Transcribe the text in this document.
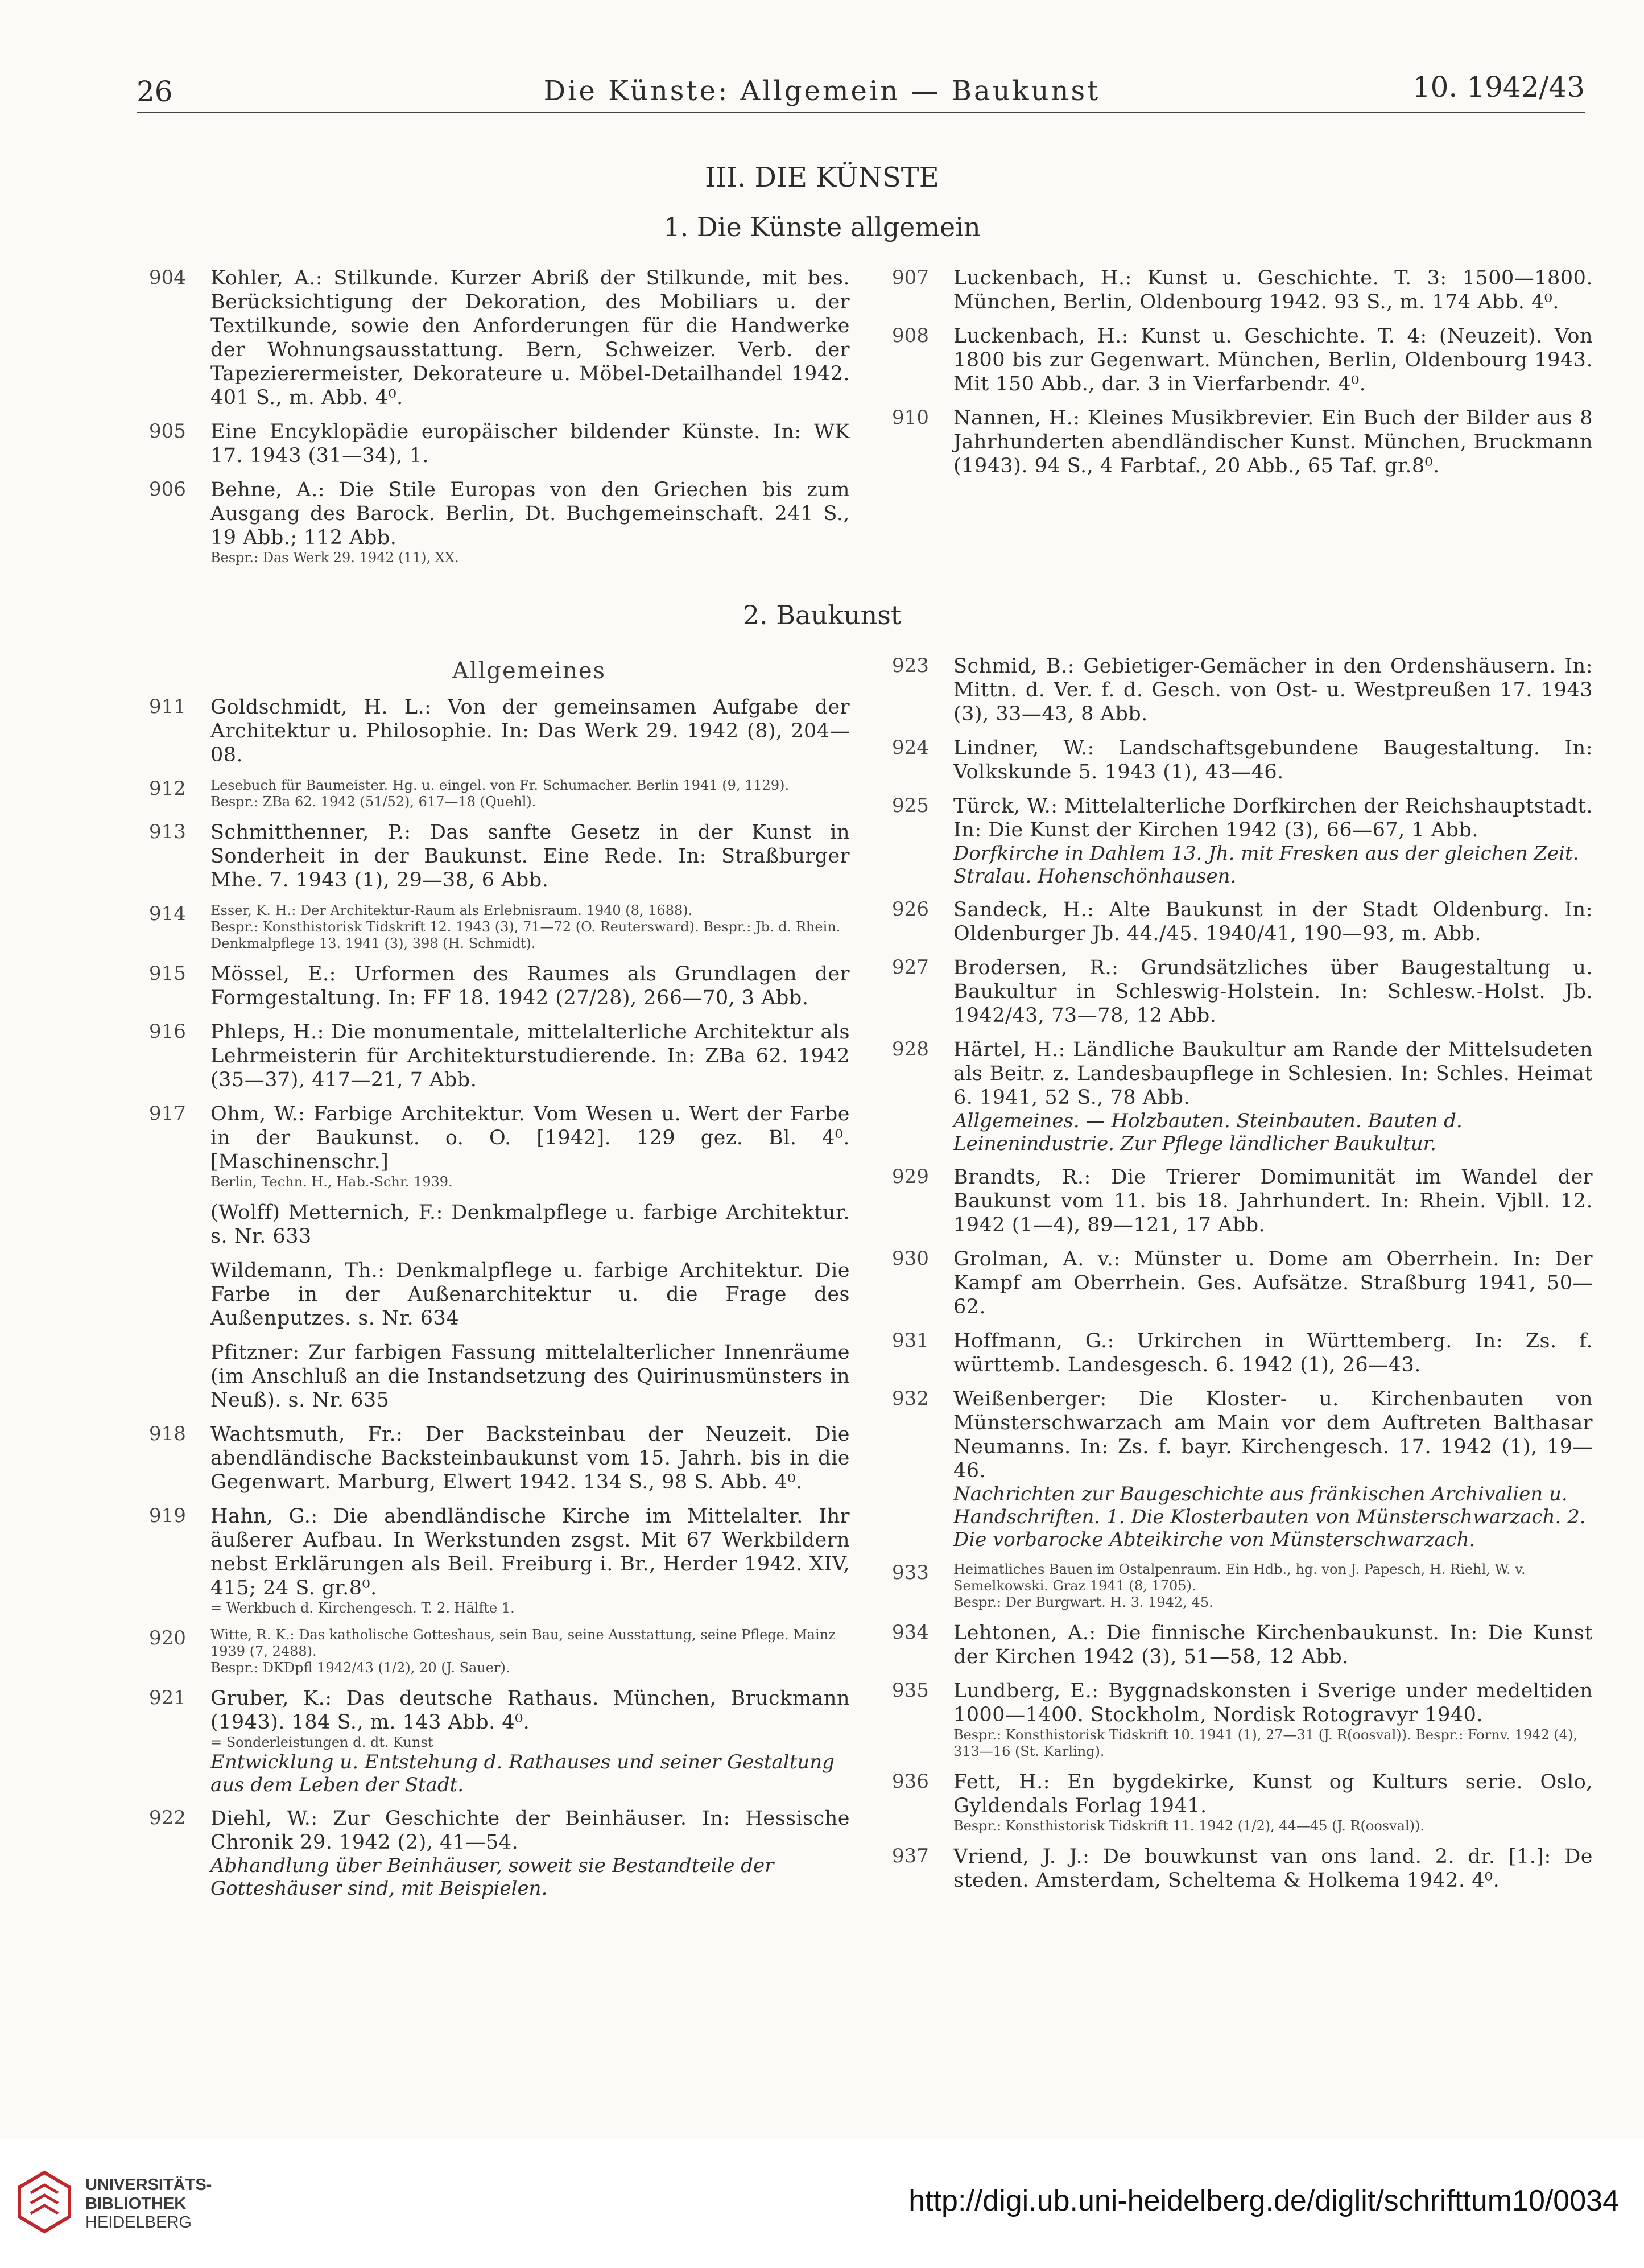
26	Die Künste: Allgemein — Baukunst	10. 1942/43
III. DIE KÜNSTE
1. Die Künste allgemein
904 Kohler, A.: Stilkunde. Kurzer Abriß der Stilkunde, mit bes. Berücksichtigung der Dekoration, des Mobiliars u. der Textilkunde, sowie den Anforderungen für die Handwerke der Wohnungsausstattung. Bern, Schweizer. Verb. der Tapezierermeister, Dekorateure u. Möbel-Detailhandel 1942. 401 S., m. Abb. 4⁰.
905 Eine Encyklopädie europäischer bildender Künste. In: WK 17. 1943 (31—34), 1.
906 Behne, A.: Die Stile Europas von den Griechen bis zum Ausgang des Barock. Berlin, Dt. Buchgemeinschaft. 241 S., 19 Abb.; 112 Abb.
Bespr.: Das Werk 29. 1942 (11), XX.
907 Luckenbach, H.: Kunst u. Geschichte. T. 3: 1500—1800. München, Berlin, Oldenbourg 1942. 93 S., m. 174 Abb. 4⁰.
908 Luckenbach, H.: Kunst u. Geschichte. T. 4: (Neuzeit). Von 1800 bis zur Gegenwart. München, Berlin, Oldenbourg 1943. Mit 150 Abb., dar. 3 in Vierfarbendr. 4⁰.
910 Nannen, H.: Kleines Musikbrevier. Ein Buch der Bilder aus 8 Jahrhunderten abendländischer Kunst. München, Bruckmann (1943). 94 S., 4 Farbtaf., 20 Abb., 65 Taf. gr.8⁰.
2. Baukunst
Allgemeines
911 Goldschmidt, H. L.: Von der gemeinsamen Aufgabe der Architektur u. Philosophie. In: Das Werk 29. 1942 (8), 204—08.
912 Lesebuch für Baumeister. Hg. u. eingel. von Fr. Schumacher. Berlin 1941 (9, 1129).
Bespr.: ZBa 62. 1942 (51/52), 617—18 (Quehl).
913 Schmitthenner, P.: Das sanfte Gesetz in der Kunst in Sonderheit in der Baukunst. Eine Rede. In: Straßburger Mhe. 7. 1943 (1), 29—38, 6 Abb.
914 Esser, K. H.: Der Architektur-Raum als Erlebnisraum. 1940 (8, 1688).
Bespr.: Konsthistorisk Tidskrift 12. 1943 (3), 71—72 (O. Reutersward). Bespr.: Jb. d. Rhein. Denkmalpflege 13. 1941 (3), 398 (H. Schmidt).
915 Mössel, E.: Urformen des Raumes als Grundlagen der Formgestaltung. In: FF 18. 1942 (27/28), 266—70, 3 Abb.
916 Phleps, H.: Die monumentale, mittelalterliche Architektur als Lehrmeisterin für Architekturstudierende. In: ZBa 62. 1942 (35—37), 417—21, 7 Abb.
917 Ohm, W.: Farbige Architektur. Vom Wesen u. Wert der Farbe in der Baukunst. o. O. [1942]. 129 gez. Bl. 4⁰. [Maschinenschr.]
Berlin, Techn. H., Hab.-Schr. 1939.
(Wolff) Metternich, F.: Denkmalpflege u. farbige Architektur. s. Nr. 633
Wildemann, Th.: Denkmalpflege u. farbige Architektur. Die Farbe in der Außenarchitektur u. die Frage des Außenputzes. s. Nr. 634
Pfitzner: Zur farbigen Fassung mittelalterlicher Innenräume (im Anschluß an die Instandsetzung des Quirinusmünsters in Neuß). s. Nr. 635
918 Wachtsmuth, Fr.: Der Backsteinbau der Neuzeit. Die abendländische Backsteinbaukunst vom 15. Jahrh. bis in die Gegenwart. Marburg, Elwert 1942. 134 S., 98 S. Abb. 4⁰.
919 Hahn, G.: Die abendländische Kirche im Mittelalter. Ihr äußerer Aufbau. In Werkstunden zsgst. Mit 67 Werkbildern nebst Erklärungen als Beil. Freiburg i. Br., Herder 1942. XIV, 415; 24 S. gr.8⁰.
= Werkbuch d. Kirchengesch. T. 2. Hälfte 1.
920 Witte, R. K.: Das katholische Gotteshaus, sein Bau, seine Ausstattung, seine Pflege. Mainz 1939 (7, 2488).
Bespr.: DKDpfl 1942/43 (1/2), 20 (J. Sauer).
921 Gruber, K.: Das deutsche Rathaus. München, Bruckmann (1943). 184 S., m. 143 Abb. 4⁰.
= Sonderleistungen d. dt. Kunst
Entwicklung u. Entstehung d. Rathauses und seiner Gestaltung aus dem Leben der Stadt.
922 Diehl, W.: Zur Geschichte der Beinhäuser. In: Hessische Chronik 29. 1942 (2), 41—54.
Abhandlung über Beinhäuser, soweit sie Bestandteile der Gotteshäuser sind, mit Beispielen.
923 Schmid, B.: Gebietiger-Gemächer in den Ordenshäusern. In: Mittn. d. Ver. f. d. Gesch. von Ost- u. Westpreußen 17. 1943 (3), 33—43, 8 Abb.
924 Lindner, W.: Landschaftsgebundene Baugestaltung. In: Volkskunde 5. 1943 (1), 43—46.
925 Türck, W.: Mittelalterliche Dorfkirchen der Reichshauptstadt. In: Die Kunst der Kirchen 1942 (3), 66—67, 1 Abb.
Dorfkirche in Dahlem 13. Jh. mit Fresken aus der gleichen Zeit. Stralau. Hohenschönhausen.
926 Sandeck, H.: Alte Baukunst in der Stadt Oldenburg. In: Oldenburger Jb. 44./45. 1940/41, 190—93, m. Abb.
927 Brodersen, R.: Grundsätzliches über Baugestaltung u. Baukultur in Schleswig-Holstein. In: Schlesw.-Holst. Jb. 1942/43, 73—78, 12 Abb.
928 Härtel, H.: Ländliche Baukultur am Rande der Mittelsudeten als Beitr. z. Landesbaupflege in Schlesien. In: Schles. Heimat 6. 1941, 52 S., 78 Abb.
Allgemeines. — Holzbauten. Steinbauten. Bauten d. Leinenindustrie. Zur Pflege ländlicher Baukultur.
929 Brandts, R.: Die Trierer Domimunität im Wandel der Baukunst vom 11. bis 18. Jahrhundert. In: Rhein. Vjbll. 12. 1942 (1—4), 89—121, 17 Abb.
930 Grolman, A. v.: Münster u. Dome am Oberrhein. In: Der Kampf am Oberrhein. Ges. Aufsätze. Straßburg 1941, 50—62.
931 Hoffmann, G.: Urkirchen in Württemberg. In: Zs. f. württemb. Landesgesch. 6. 1942 (1), 26—43.
932 Weißenberger: Die Kloster- u. Kirchenbauten von Münsterschwarzach am Main vor dem Auftreten Balthasar Neumanns. In: Zs. f. bayr. Kirchengesch. 17. 1942 (1), 19—46.
Nachrichten zur Baugeschichte aus fränkischen Archivalien u. Handschriften. 1. Die Klosterbauten von Münsterschwarzach. 2. Die vorbarocke Abteikirche von Münsterschwarzach.
933 Heimatliches Bauen im Ostalpenraum. Ein Hdb., hg. von J. Papesch, H. Riehl, W. v. Semelkowski. Graz 1941 (8, 1705).
Bespr.: Der Burgwart. H. 3. 1942, 45.
934 Lehtonen, A.: Die finnische Kirchenbaukunst. In: Die Kunst der Kirchen 1942 (3), 51—58, 12 Abb.
935 Lundberg, E.: Byggnadskonsten i Sverige under medeltiden 1000—1400. Stockholm, Nordisk Rotogravyr 1940.
Bespr.: Konsthistorisk Tidskrift 10. 1941 (1), 27—31 (J. R(oosval)). Bespr.: Fornv. 1942 (4), 313—16 (St. Karling).
936 Fett, H.: En bygdekirke, Kunst og Kulturs serie. Oslo, Gyldendals Forlag 1941.
Bespr.: Konsthistorisk Tidskrift 11. 1942 (1/2), 44—45 (J. R(oosval)).
937 Vriend, J. J.: De bouwkunst van ons land. 2. dr. [1.]: De steden. Amsterdam, Scheltema & Holkema 1942. 4⁰.
UNIVERSITÄTS-
BIBLIOTHEK
HEIDELBERG
http://digi.ub.uni-heidelberg.de/diglit/schrifttum10/0034
